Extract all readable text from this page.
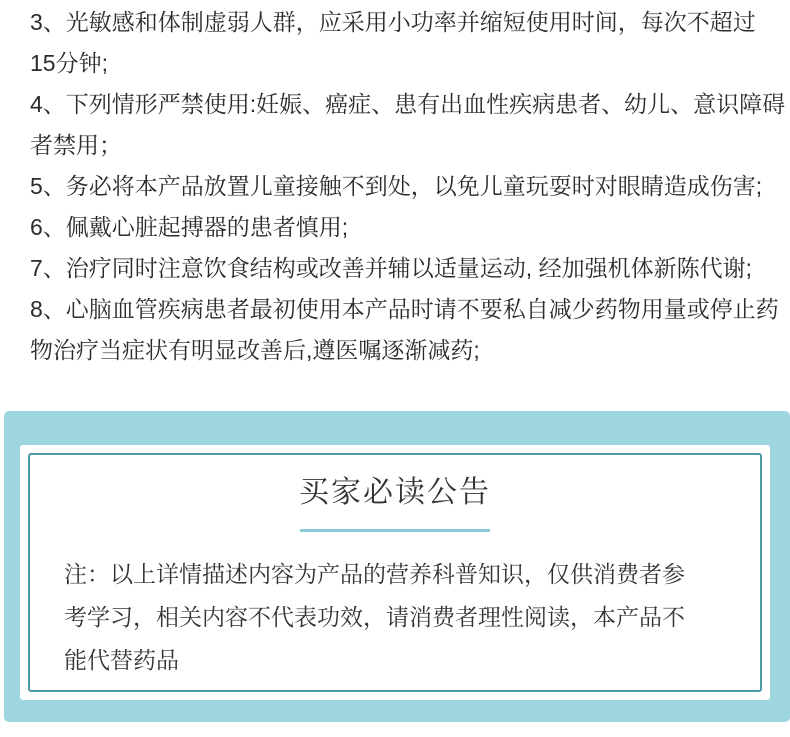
3、光敏感和体制虚弱人群，应采用小功率并缩短使用时间，每次不超过
15分钟;
4、下列情形严禁使用:妊娠、癌症、患有出血性疾病患者、幼儿、意识障碍
者禁用；
5、务必将本产品放置儿童接触不到处，以免儿童玩耍时对眼睛造成伤害;
6、佩戴心脏起搏器的患者慎用;
7、治疗同时注意饮食结构或改善并辅以适量运动, 经加强机体新陈代谢;
8、心脑血管疾病患者最初使用本产品时请不要私自减少药物用量或停止药
物治疗当症状有明显改善后,遵医嘱逐渐减药;
买家必读公告
注：以上详情描述内容为产品的营养科普知识，仅供消费者参
考学习，相关内容不代表功效，请消费者理性阅读，本产品不
能代替药品
